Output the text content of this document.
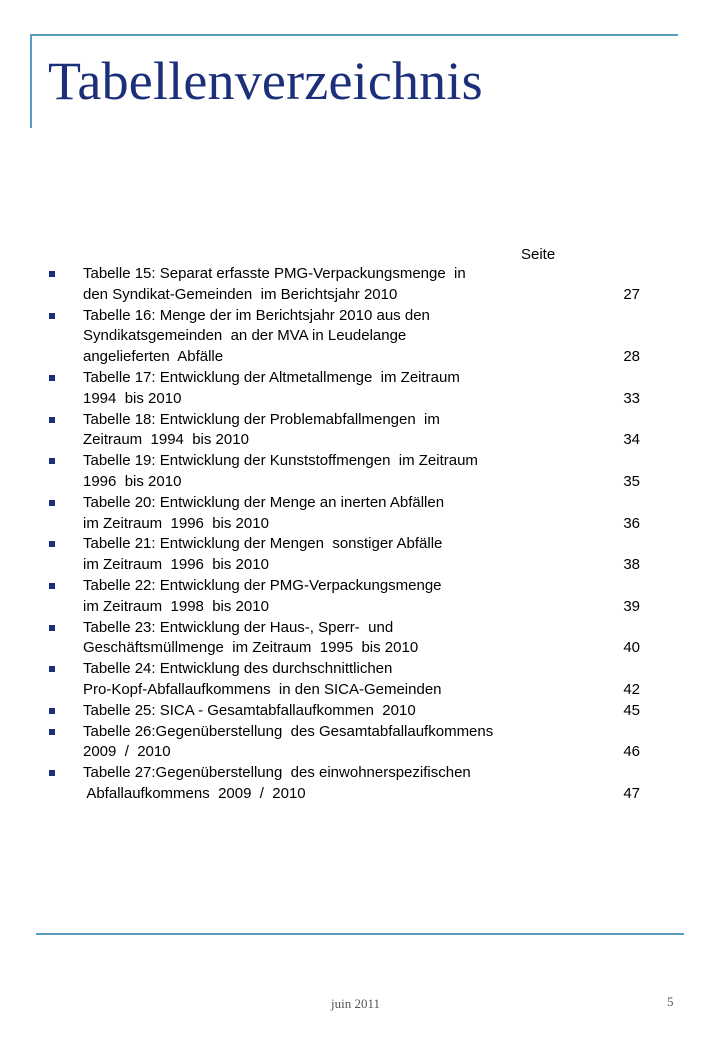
Tabellenverzeichnis
Seite
Tabelle 15: Separat erfasste PMG-Verpackungsmenge  in
den Syndikat-Gemeinden  im Berichtsjahr 2010	27
Tabelle 16: Menge der im Berichtsjahr 2010 aus den
Syndikatsgemeinden  an der MVA in Leudelange
angelieferten  Abfälle	28
Tabelle 17: Entwicklung der Altmetallmenge  im Zeitraum
1994  bis 2010	33
Tabelle 18: Entwicklung der Problemabfallmengen  im
Zeitraum  1994  bis 2010	34
Tabelle 19: Entwicklung der Kunststoffmengen  im Zeitraum
1996  bis 2010	35
Tabelle 20: Entwicklung der Menge an inerten Abfällen
im Zeitraum  1996  bis 2010	36
Tabelle 21: Entwicklung der Mengen  sonstiger Abfälle
im Zeitraum  1996  bis 2010	38
Tabelle 22: Entwicklung der PMG-Verpackungsmenge
im Zeitraum  1998  bis 2010	39
Tabelle 23: Entwicklung der Haus-, Sperr-  und
Geschäftsmüllmenge  im Zeitraum  1995  bis 2010	40
Tabelle 24: Entwicklung des durchschnittlichen
Pro-Kopf-Abfallaufkommens  in den SICA-Gemeinden	42
Tabelle 25: SICA - Gesamtabfallaufkommen  2010	45
Tabelle 26:Gegenüberstellung  des Gesamtabfallaufkommens
2009  /  2010	46
Tabelle 27:Gegenüberstellung  des einwohnerspezifischen
Abfallaufkommens  2009  /  2010	47
juin 2011	5
